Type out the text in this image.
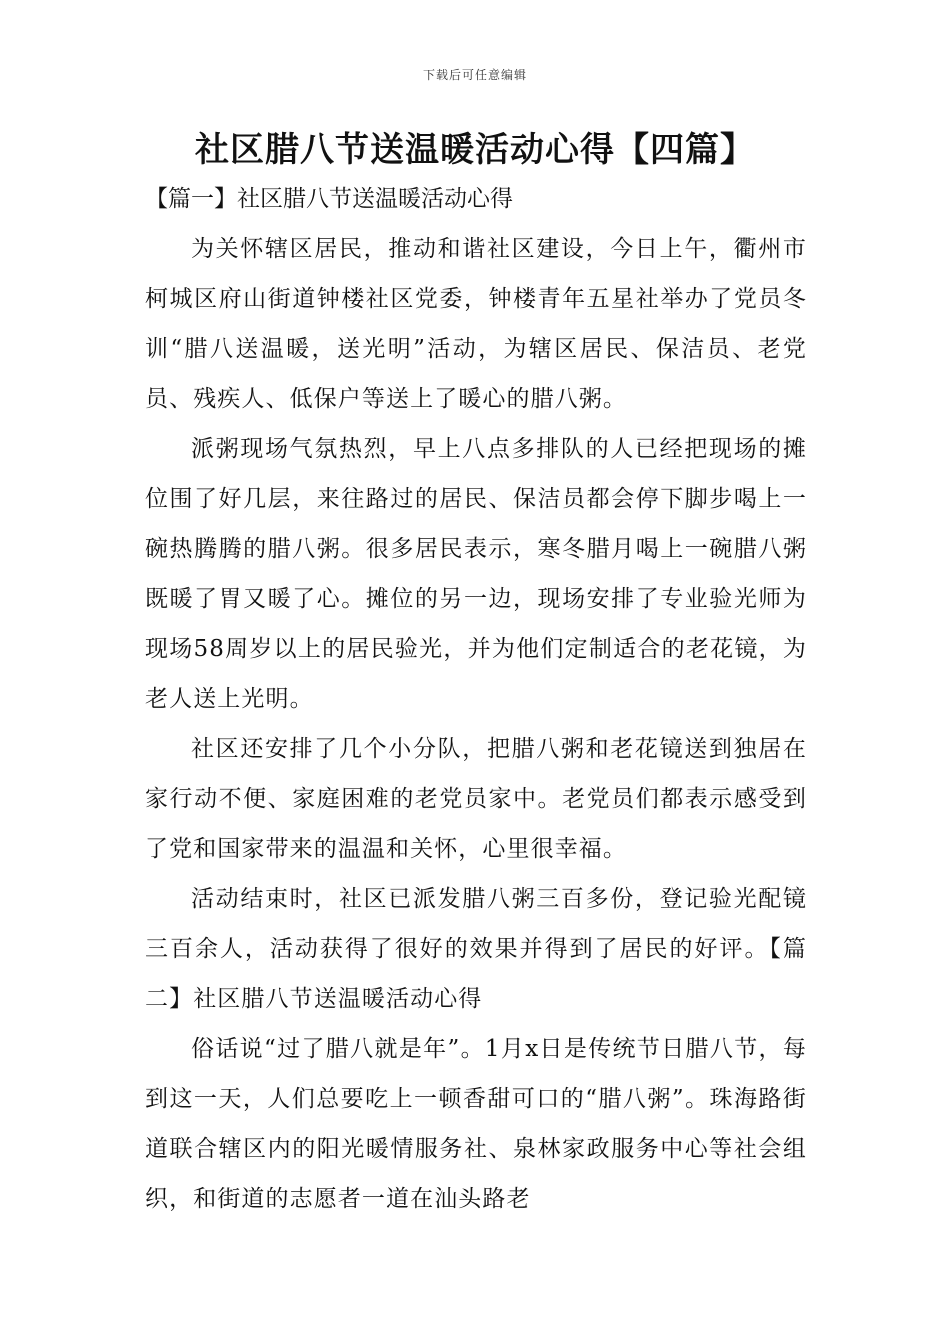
下载后可任意编辑
社区腊八节送温暖活动心得【四篇】
【篇一】社区腊八节送温暖活动心得

为关怀辖区居民，推动和谐社区建设，今日上午，衢州市柯城区府山街道钟楼社区党委，钟楼青年五星社举办了党员冬训“腊八送温暖，送光明”活动，为辖区居民、保洁员、老党员、残疾人、低保户等送上了暖心的腊八粥。

派粥现场气氛热烈，早上八点多排队的人已经把现场的摊位围了好几层，来往路过的居民、保洁员都会停下脚步喝上一碗热腾腾的腊八粥。很多居民表示，寒冬腊月喝上一碗腊八粥既暖了胃又暖了心。摊位的另一边，现场安排了专业验光师为现场58周岁以上的居民验光，并为他们定制适合的老花镜，为老人送上光明。

社区还安排了几个小分队，把腊八粥和老花镜送到独居在家行动不便、家庭困难的老党员家中。老党员们都表示感受到了党和国家带来的温温和关怀，心里很幸福。

活动结束时，社区已派发腊八粥三百多份，登记验光配镜三百余人，活动获得了很好的效果并得到了居民的好评。【篇二】社区腊八节送温暖活动心得

俗话说“过了腊八就是年”。1月x日是传统节日腊八节，每到这一天，人们总要吃上一顿香甜可口的“腊八粥”。珠海路街道联合辖区内的阳光暖情服务社、泉林家政服务中心等社会组织，和街道的志愿者一道在汕头路老
